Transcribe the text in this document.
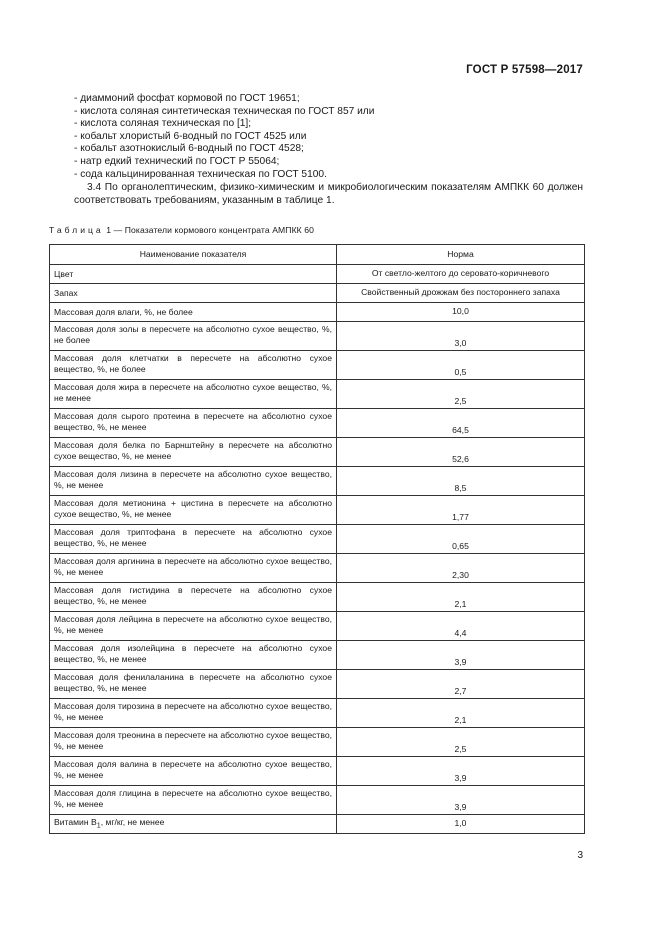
ГОСТ Р 57598—2017
- диаммоний фосфат кормовой по ГОСТ 19651;
- кислота соляная синтетическая техническая по ГОСТ 857 или
- кислота соляная техническая по [1];
- кобальт хлористый 6-водный по ГОСТ 4525 или
- кобальт азотнокислый 6-водный по ГОСТ 4528;
- натр едкий технический по ГОСТ Р 55064;
- сода кальцинированная техническая по ГОСТ 5100.

3.4 По органолептическим, физико-химическим и микробиологическим показателям АМПКК 60 должен соответствовать требованиям, указанным в таблице 1.

Таблица 1 — Показатели кормового концентрата АМПКК 60
Наименование показателя	Норма
Цвет	От светло-желтого до серовато-коричневого
Запах	Свойственный дрожжам без постороннего запаха
Массовая доля влаги, %, не более	10,0
Массовая доля золы в пересчете на абсолютно сухое вещество, %, не более	3,0
Массовая доля клетчатки в пересчете на абсолютно сухое вещество, %, не более	0,5
Массовая доля жира в пересчете на абсолютно сухое вещество, %, не менее	2,5
Массовая доля сырого протеина в пересчете на абсолютно сухое вещество, %, не менее	64,5
Массовая доля белка по Барнштейну в пересчете на абсолютно сухое вещество, %, не менее	52,6
Массовая доля лизина в пересчете на абсолютно сухое вещество, %, не менее	8,5
Массовая доля метионина + цистина в пересчете на абсолютно сухое вещество, %, не менее	1,77
Массовая доля триптофана в пересчете на абсолютно сухое вещество, %, не менее	0,65
Массовая доля аргинина в пересчете на абсолютно сухое вещество, %, не менее	2,30
Массовая доля гистидина в пересчете на абсолютно сухое вещество, %, не менее	2,1
Массовая доля лейцина в пересчете на абсолютно сухое вещество, %, не менее	4,4
Массовая доля изолейцина в пересчете на абсолютно сухое вещество, %, не менее	3,9
Массовая доля фенилаланина в пересчете на абсолютно сухое вещество, %, не менее	2,7
Массовая доля тирозина в пересчете на абсолютно сухое вещество, %, не менее	2,1
Массовая доля треонина в пересчете на абсолютно сухое вещество, %, не менее	2,5
Массовая доля валина в пересчете на абсолютно сухое вещество, %, не менее	3,9
Массовая доля глицина в пересчете на абсолютно сухое вещество, %, не менее	3,9
Витамин $В_1$, мг/кг, не менее	1,0
3
